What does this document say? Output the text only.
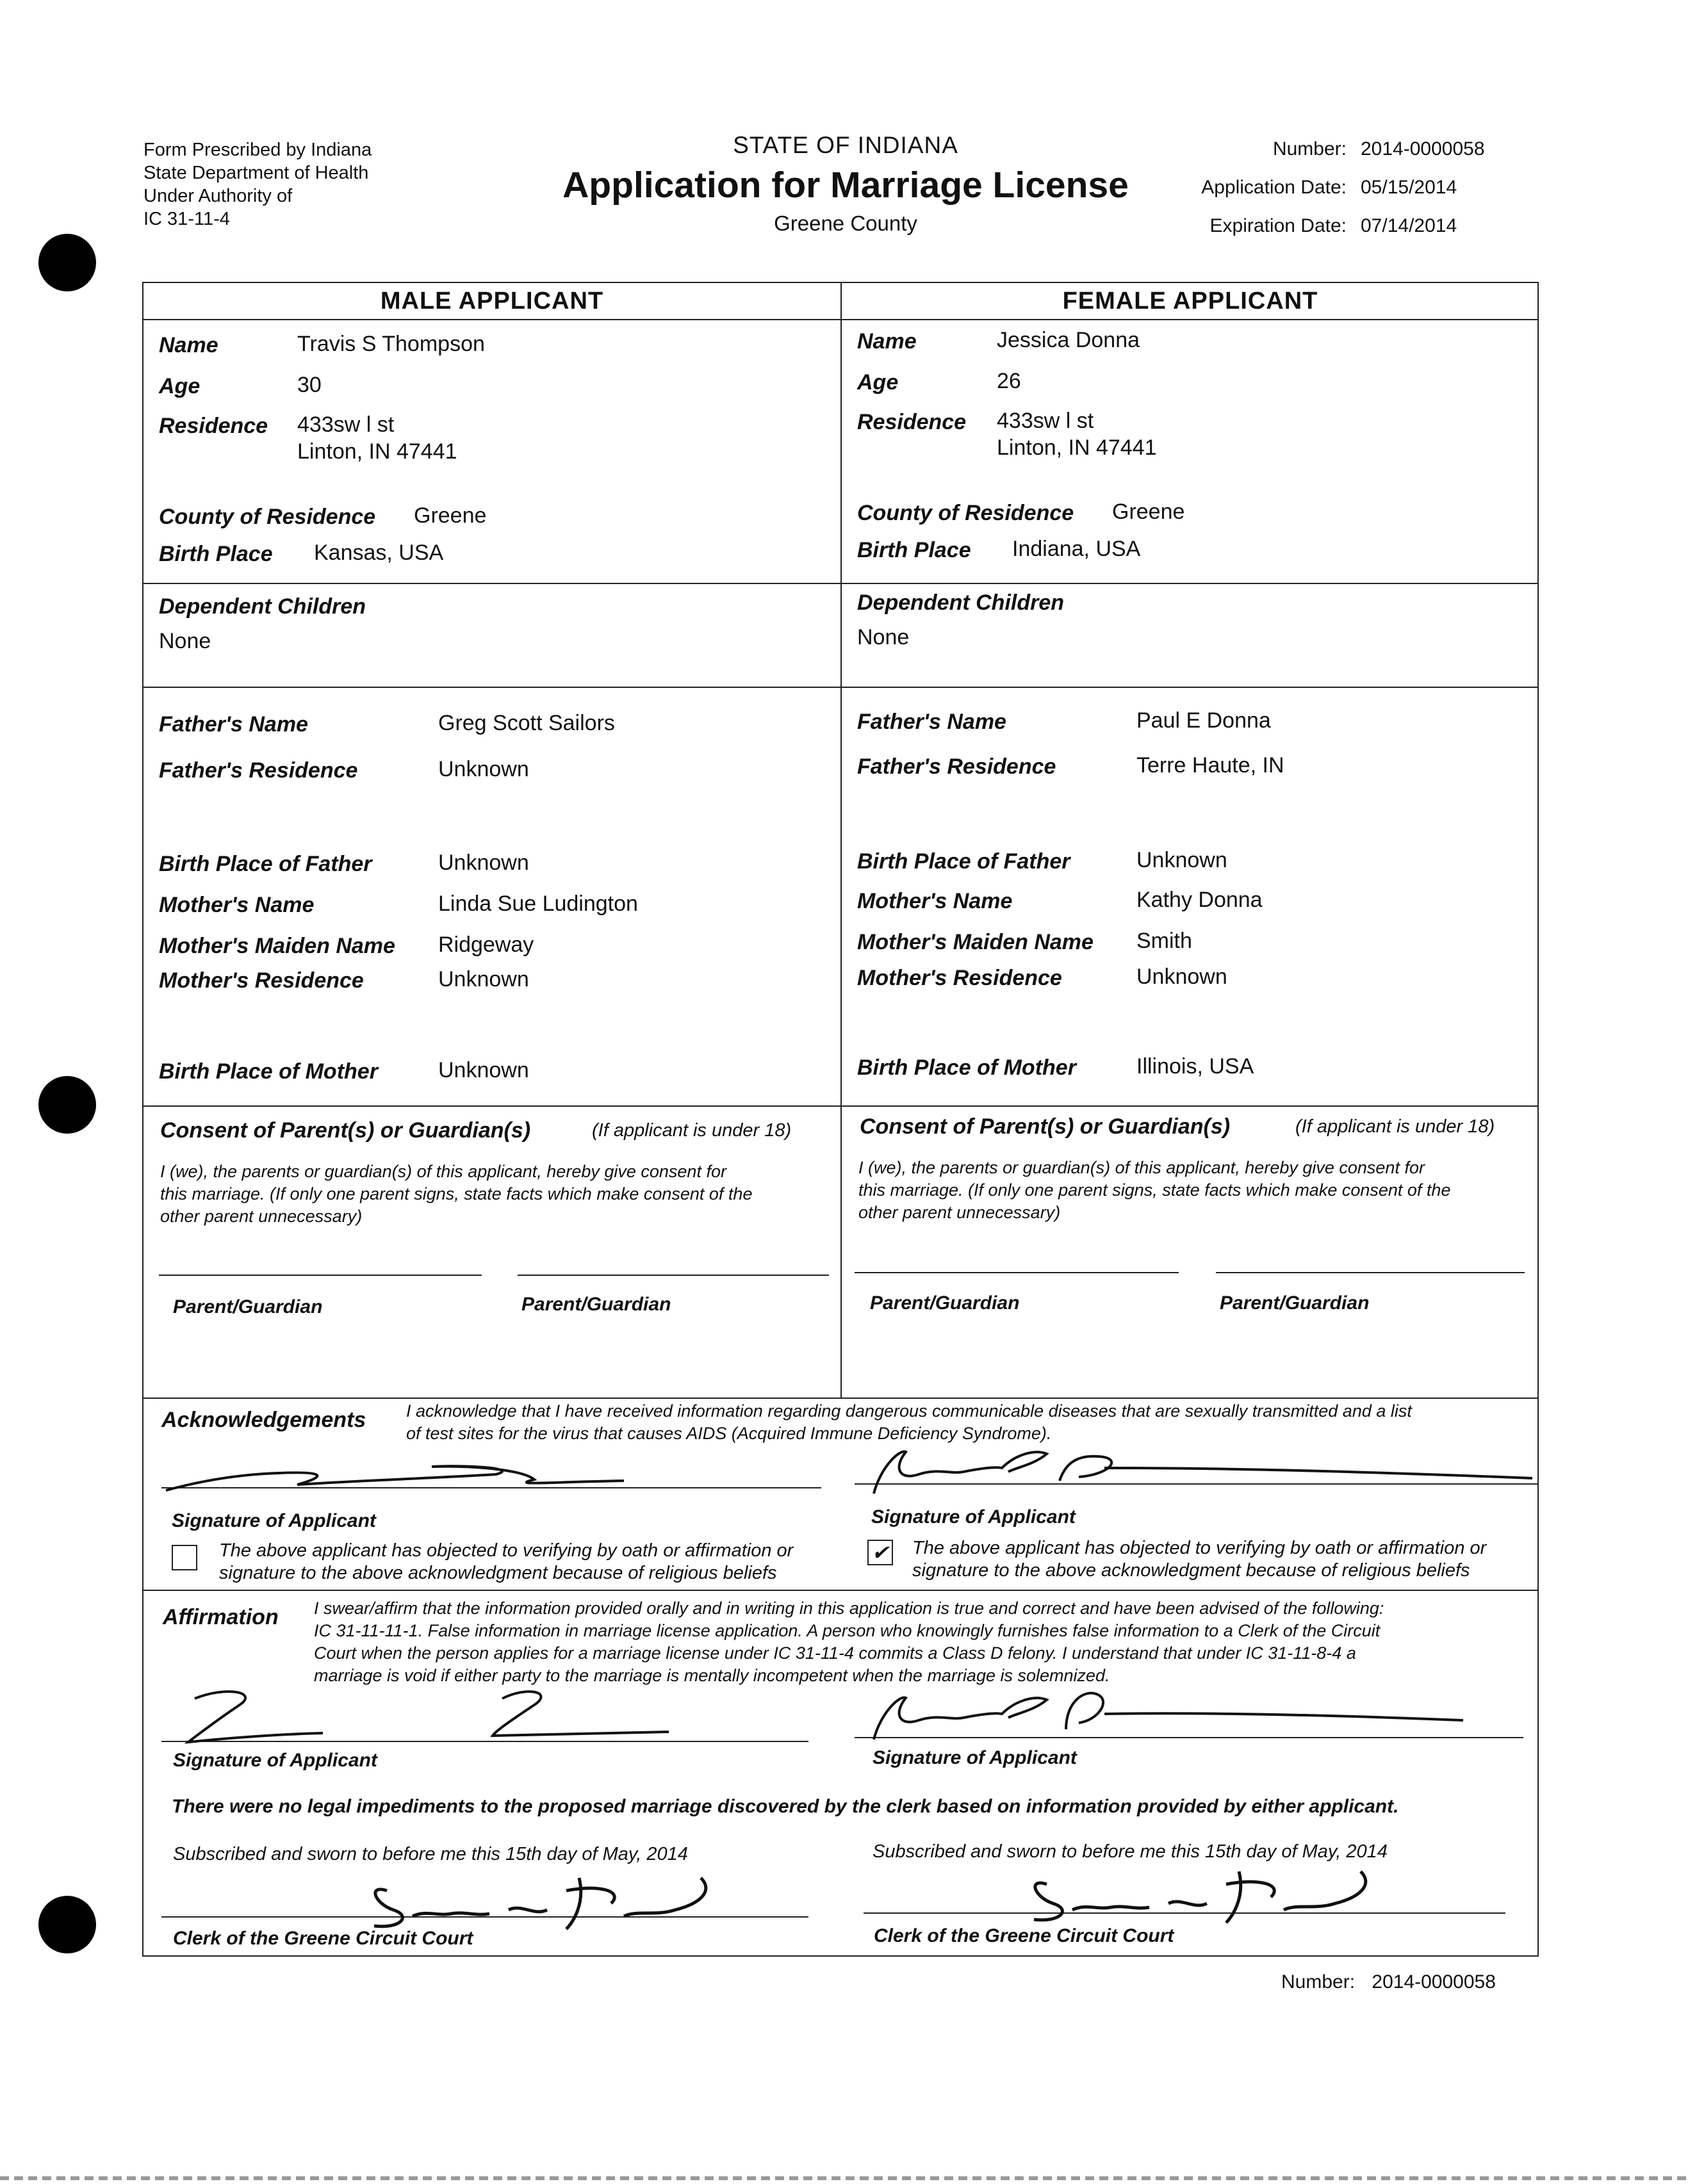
Form Prescribed by Indiana
State Department of Health
Under Authority of
IC 31-11-4
STATE OF INDIANA
Application for Marriage License
Greene County
Number: 2014-0000058
Application Date: 05/15/2014
Expiration Date: 07/14/2014
MALE APPLICANT	FEMALE APPLICANT
Name	Travis S Thompson
Age	30
Residence 433sw l st
Linton, IN 47441
County of Residence Greene
Birth Place Kansas, USA
Dependent Children
None
Father's Name	Greg Scott Sailors
Father's Residence	Unknown
Birth Place of Father	Unknown
Mother's Name	Linda Sue Ludington
Mother's Maiden Name Ridgeway
Mother's Residence	Unknown
Birth Place of Mother	Unknown
Name	Jessica Donna
Age	26
Residence 433sw l st
Linton, IN 47441
County of Residence Greene
Birth Place Indiana, USA
Dependent Children
None
Father's Name	Paul E Donna
Father's Residence	Terre Haute, IN
Birth Place of Father	Unknown
Mother's Name	Kathy Donna
Mother's Maiden Name Smith
Mother's Residence	Unknown
Birth Place of Mother	Illinois, USA
Consent of Parent(s) or Guardian(s)	(If applicant is under 18)
I (we), the parents or guardian(s) of this applicant, hereby give consent for
this marriage. (If only one parent signs, state facts which make consent of the
other parent unnecessary)
Parent/Guardian	Parent/Guardian
Consent of Parent(s) or Guardian(s)	(If applicant is under 18)
I (we), the parents or guardian(s) of this applicant, hereby give consent for
this marriage. (If only one parent signs, state facts which make consent of the
other parent unnecessary)
Parent/Guardian	Parent/Guardian
Acknowledgements I acknowledge that I have received information regarding dangerous communicable diseases that are sexually transmitted and a list
of test sites for the virus that causes AIDS (Acquired Immune Deficiency Syndrome).
Signature of Applicant
The above applicant has objected to verifying by oath or affirmation or
signature to the above acknowledgment because of religious beliefs
Signature of Applicant
✔ The above applicant has objected to verifying by oath or affirmation or
signature to the above acknowledgment because of religious beliefs
Affirmation I swear/affirm that the information provided orally and in writing in this application is true and correct and have been advised of the following:
IC 31-11-11-1. False information in marriage license application. A person who knowingly furnishes false information to a Clerk of the Circuit
Court when the person applies for a marriage license under IC 31-11-4 commits a Class D felony. I understand that under IC 31-11-8-4 a
marriage is void if either party to the marriage is mentally incompetent when the marriage is solemnized.
Signature of Applicant	Signature of Applicant
There were no legal impediments to the proposed marriage discovered by the clerk based on information provided by either applicant.
Subscribed and sworn to before me this 15th day of May, 2014
Clerk of the Greene Circuit Court
Subscribed and sworn to before me this 15th day of May, 2014
Clerk of the Greene Circuit Court
Number: 2014-0000058
